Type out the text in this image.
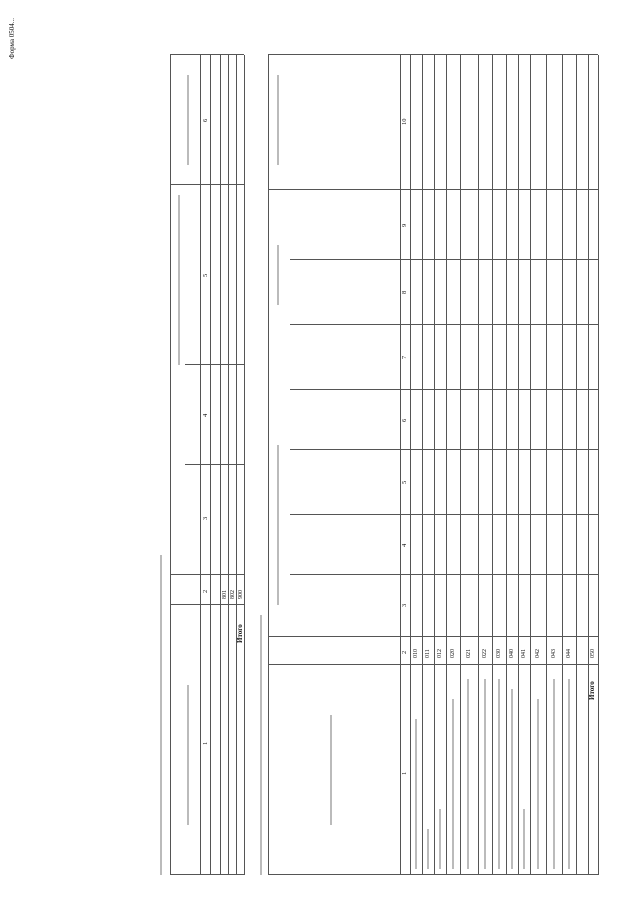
Форма 0504...
1
2
3
4
5
6
801 802 900
Итого
1
2
3
4
5
6
7
8
9
10
010 011 012 020 021 022 030 040 041 042 043 044	050
Итого
